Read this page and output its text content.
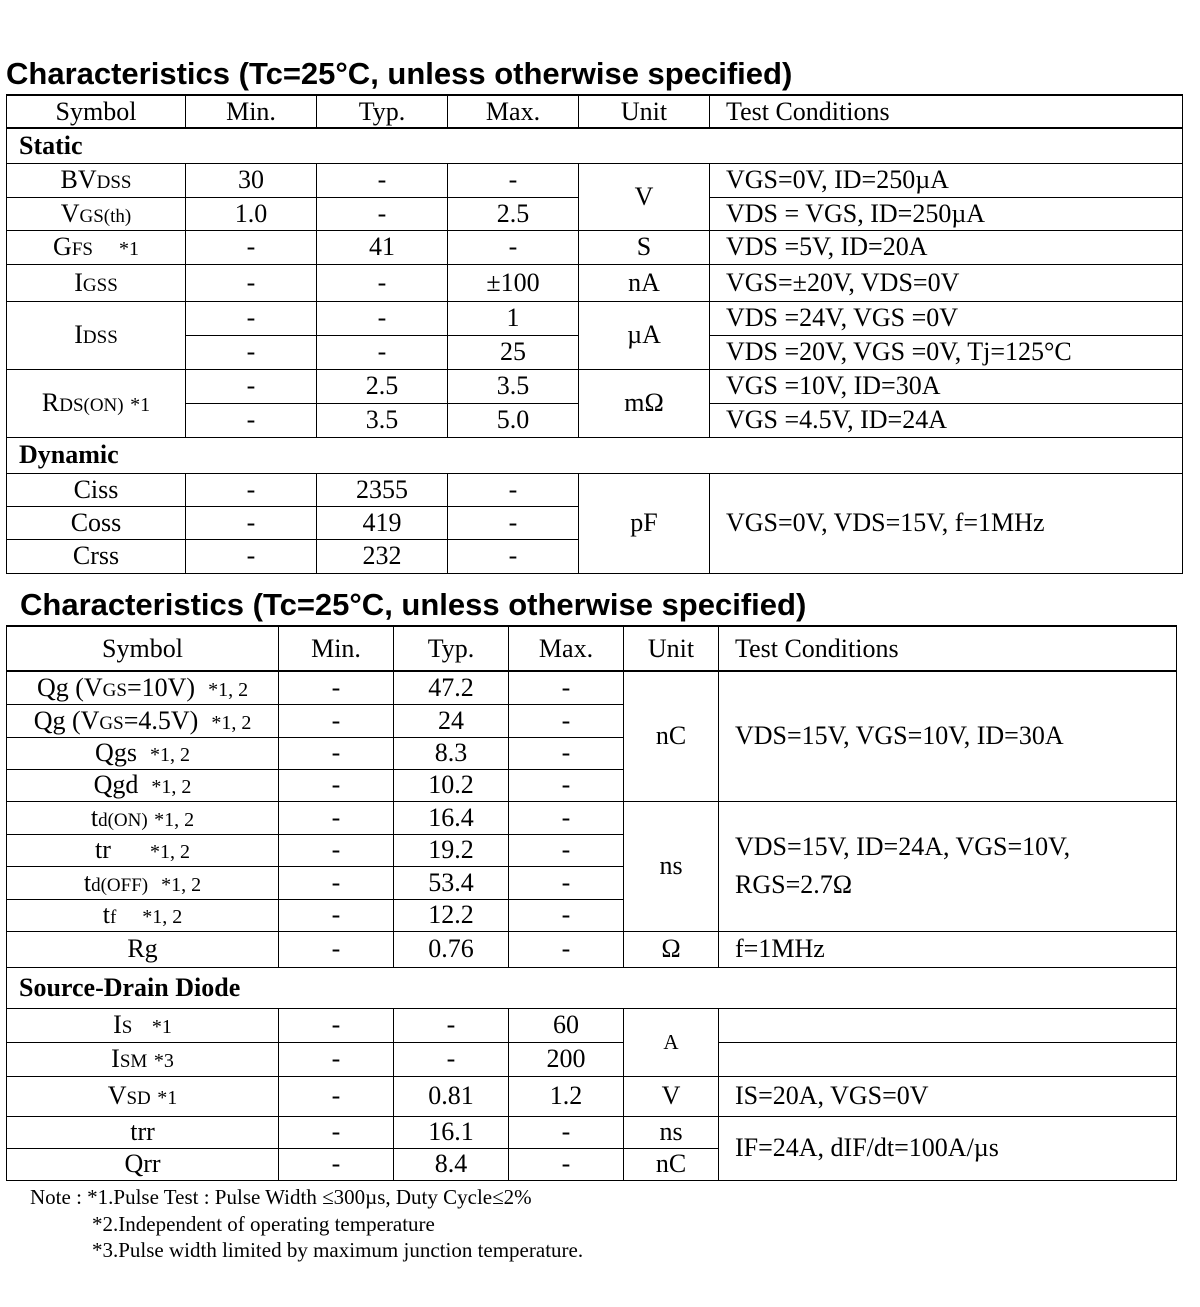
Characteristics (Tc=25°C, unless otherwise specified)
Symbol	Min.	Typ.	Max.	Unit	Test Conditions
Static					
BVDSS	30	-	-	V	VGS=0V, ID=250µA
VGS(th)	1.0	-	2.5		VDS = VGS, ID=250µA
GFS *1	-	41	-	S	VDS =5V, ID=20A
IGSS	-	-	±100	nA	VGS=±20V, VDS=0V
IDSS	-	-	1	µA	VDS =24V, VGS =0V
	-	-	25		VDS =20V, VGS =0V, Tj=125°C
RDS(ON) *1	-	2.5	3.5	mΩ	VGS =10V, ID=30A
	-	3.5	5.0		VGS =4.5V, ID=24A
Dynamic					
Ciss	-	2355	-	pF	VGS=0V, VDS=15V, f=1MHz
Coss	-	419	-		
Crss	-	232	-		
Characteristics (Tc=25°C, unless otherwise specified)
Symbol	Min.	Typ.	Max.	Unit	Test Conditions
Qg (VGS=10V) *1, 2	-	47.2	-	nC	VDS=15V, VGS=10V, ID=30A
Qg (VGS=4.5V) *1, 2	-	24	-		
Qgs *1, 2	-	8.3	-		
Qgd *1, 2	-	10.2	-		
td(ON) *1, 2	-	16.4	-	ns	VDS=15V, ID=24A, VGS=10V,
RGS=2.7Ω

tr *1, 2	-	19.2	-		
td(OFF) *1, 2	-	53.4	-		
tf *1, 2	-	12.2	-		
Rg	-	0.76	-	Ω	f=1MHz
Source-Drain Diode					
IS *1	-	-	60	A	
ISM *3	-	-	200		
VSD *1	-	0.81	1.2	V	IS=20A, VGS=0V
trr	-	16.1	-	ns	IF=24A, dIF/dt=100A/µs
Qrr	-	8.4	-	nC	
Note : *1.Pulse Test : Pulse Width ≤300µs, Duty Cycle≤2%
*2.Independent of operating temperature
*3.Pulse width limited by maximum junction temperature.
